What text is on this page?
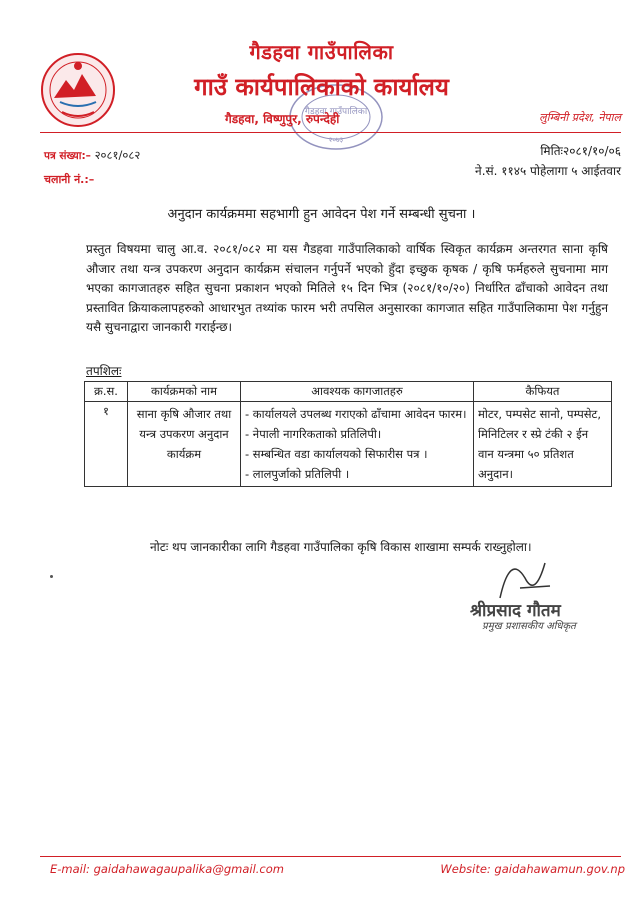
गैडहवा गाउँपालिका
२०७३
गैडहवा गाउँपालिका
गाउँ कार्यपालिकाको कार्यालय
गैडहवा, विष्णुपुर, रुपन्देही	लुम्बिनी प्रदेश, नेपाल
पत्र संख्या:– २०८१/०८२
चलानी नं.:–
मितिः२०८१/१०/०६
ने.सं. ११४५ पोहेलागा ५ आईतवार
अनुदान कार्यक्रममा सहभागी हुन आवेदन पेश गर्ने सम्बन्धी सुचना ।

प्रस्तुत विषयमा चालु आ.व. २०८१/०८२ मा यस गैडहवा गाउँपालिकाको वार्षिक स्विकृत कार्यक्रम अन्तरगत साना कृषि औजार तथा यन्त्र उपकरण अनुदान कार्यक्रम संचालन गर्नुपर्ने भएको हुँदा इच्छुक कृषक / कृषि फर्महरुले सुचनामा माग भएका कागजातहरु सहित सुचना प्रकाशन भएको मितिले १५ दिन भित्र (२०८१/१०/२०) निर्धारित ढाँचाको आवेदन तथा प्रस्तावित क्रियाकलापहरुको आधारभुत तथ्यांक फारम भरी तपसिल अनुसारका कागजात सहित गाउँपालिकामा पेश गर्नुहुन यसै सुचनाद्वारा जानकारी गराईन्छ।

तपशिलः
क्र.स.	कार्यक्रमको नाम	आवश्यक कागजातहरु	कैफियत
१	साना कृषि औजार तथा यन्त्र उपकरण अनुदान कार्यक्रम	- कार्यालयले उपलब्ध गराएको ढाँचामा आवेदन फारम।
- नेपाली नागरिकताको प्रतिलिपी।
- सम्बन्धित वडा कार्यालयको सिफारीस पत्र ।
- लालपुर्जाको प्रतिलिपी ।	मोटर, पम्पसेट सानो, पम्पसेट, मिनिटिलर र स्प्रे टंकी २ ईन वान यन्त्रमा ५० प्रतिशत अनुदान।
नोटः थप जानकारीका लागि गैडहवा गाउँपालिका कृषि विकास शाखामा सम्पर्क राख्नुहोला।
श्रीप्रसाद गौतम
प्रमुख प्रशासकीय अधिकृत
E-mail: gaidahawagaupalika@gmail.com	Website: gaidahawamun.gov.np
